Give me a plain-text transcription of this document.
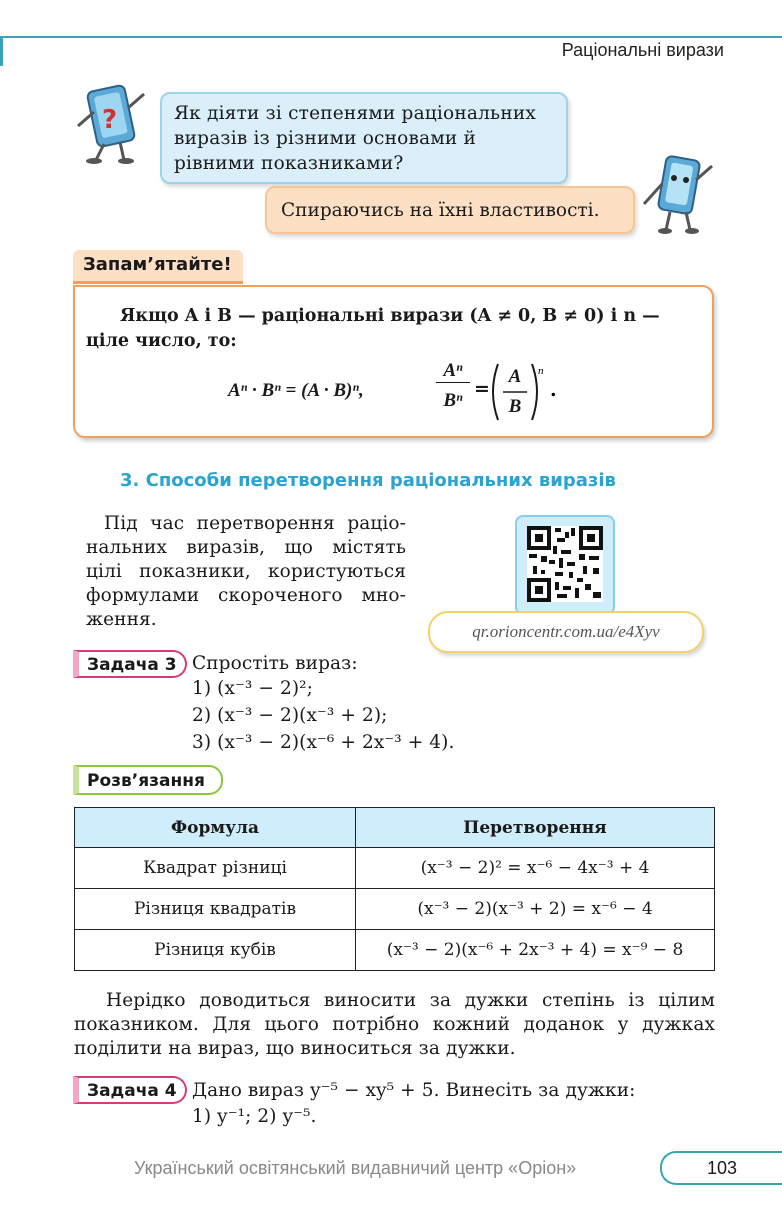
Раціональні вирази
?	Як діяти зі степенями раціональних виразів із різними основами й рівними показниками?
Спираючись на їхні властивості.
Запам’ятайте!
Якщо A і B — раціональні вирази (A ≠ 0, B ≠ 0) і n — ціле число, то:
Aⁿ · Bⁿ = (A · B)ⁿ,
Aⁿ
Bⁿ
=
n
.
A
B
3. Способи перетворення раціональних виразів
Під час перетворення раціо-
нальних виразів, що містять
цілі показники, користуються
формулами скороченого мно-
ження.
qr.orioncentr.com.ua/e4Xyv
Задача 3 Спростіть вираз:
1) (x⁻³ − 2)²;
2) (x⁻³ − 2)(x⁻³ + 2);
3) (x⁻³ − 2)(x⁻⁶ + 2x⁻³ + 4).
Розв’язання
Формула	Перетворення
Квадрат різниці	(x⁻³ − 2)² = x⁻⁶ − 4x⁻³ + 4
Різниця квадратів	(x⁻³ − 2)(x⁻³ + 2) = x⁻⁶ − 4
Різниця кубів	(x⁻³ − 2)(x⁻⁶ + 2x⁻³ + 4) = x⁻⁹ − 8
Нерідко доводиться виносити за дужки степінь із цілим
показником. Для цього потрібно кожний доданок у дужках
поділити на вираз, що виноситься за дужки.
Задача 4 Дано вираз y⁻⁵ − xy⁵ + 5. Винесіть за дужки:
1) y⁻¹; 2) y⁻⁵.
Український освітянський видавничий центр «Оріон»	103
